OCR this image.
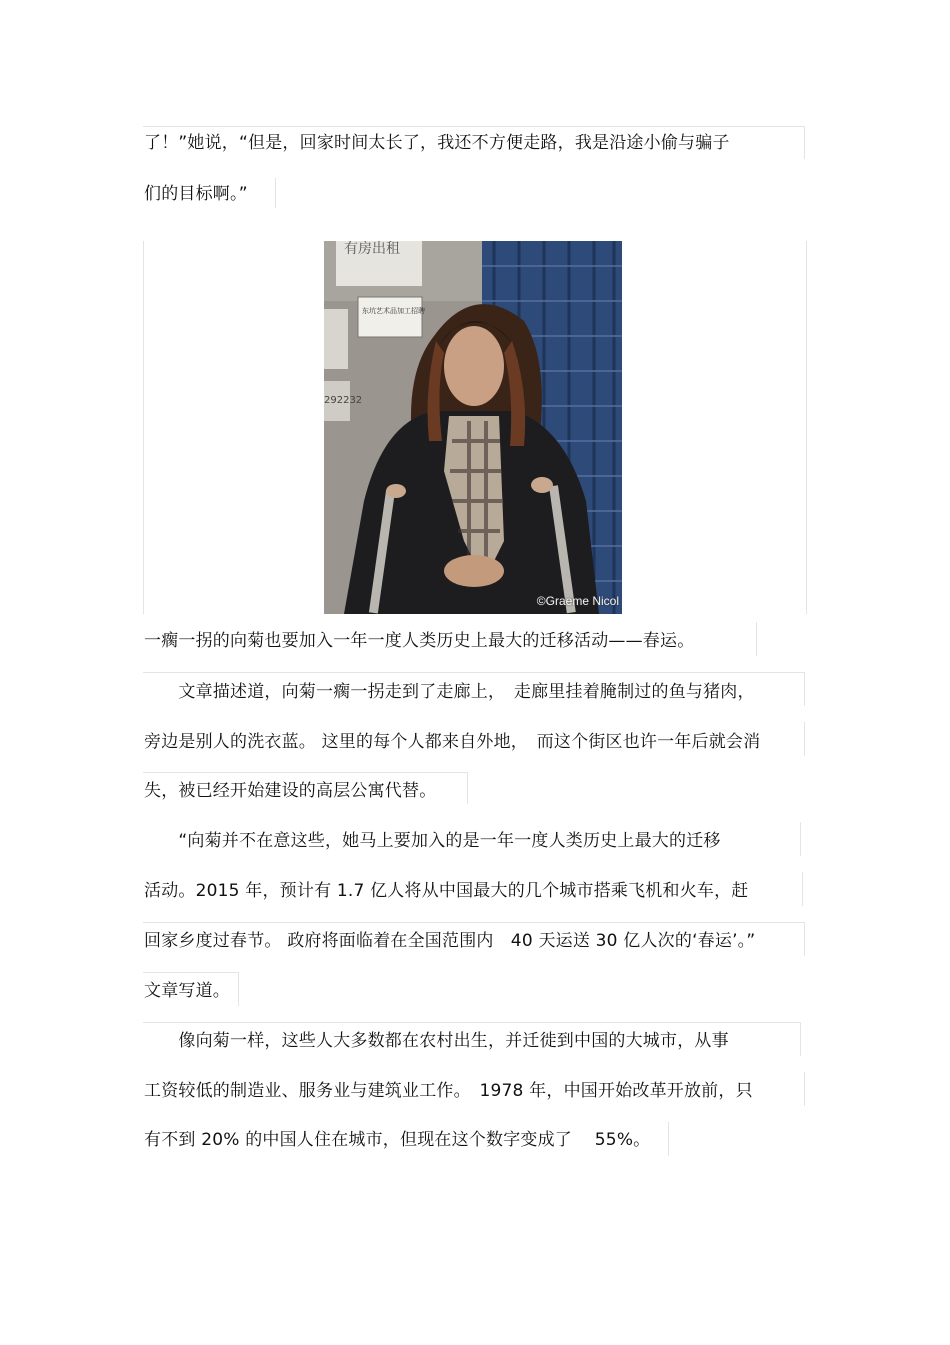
了！”她说，“但是，回家时间太长了，我还不方便走路，我是沿途小偷与骗子
们的目标啊。”
有房出租
东坑艺术品加工招聘
292232
©Graeme Nicol
一瘸一拐的向菊也要加入一年一度人类历史上最大的迁移活动——春运。
　　文章描述道，向菊一瘸一拐走到了走廊上，　走廊里挂着腌制过的鱼与猪肉，
旁边是别人的洗衣蓝。 这里的每个人都来自外地，　而这个街区也许一年后就会消
失，被已经开始建设的高层公寓代替。
　　“向菊并不在意这些，她马上要加入的是一年一度人类历史上最大的迁移
活动。2015 年，预计有 1.7 亿人将从中国最大的几个城市搭乘飞机和火车，赶
回家乡度过春节。 政府将面临着在全国范围内　40 天运送 30 亿人次的‘春运’。”
文章写道。
　　像向菊一样，这些人大多数都在农村出生，并迁徙到中国的大城市，从事
工资较低的制造业、服务业与建筑业工作。　1978 年，中国开始改革开放前，只
有不到 20% 的中国人住在城市，但现在这个数字变成了　 55%。
